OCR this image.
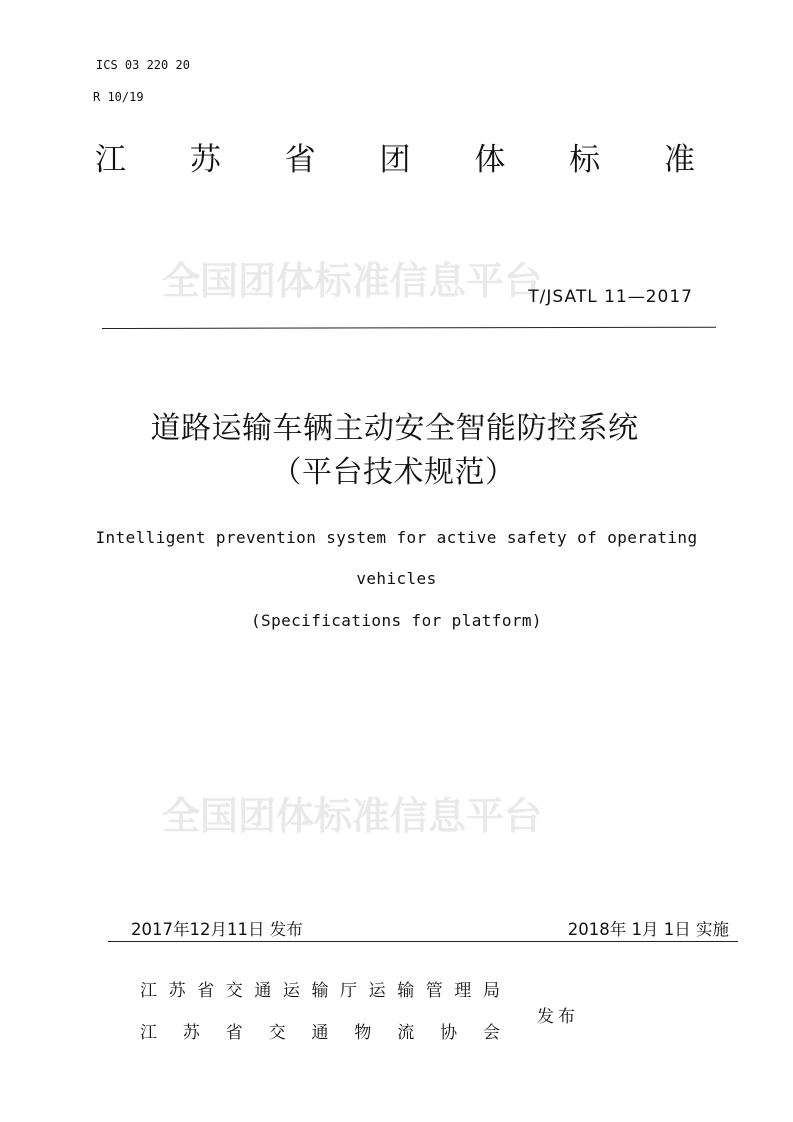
ICS 03 220 20
R 10/19
江 苏 省 团 体 标 准
全国团体标准信息平台
T/JSATL 11—2017
道路运输车辆主动安全智能防控系统
（平台技术规范）
Intelligent prevention system for active safety of operating
vehicles
(Specifications for platform)
全国团体标准信息平台
2017年12月11日 发布	2018年 1月 1日 实施
江 苏 省 交 通 运 输 厅 运 输 管 理 局
江 苏 省 交 通 物 流 协 会
发布
